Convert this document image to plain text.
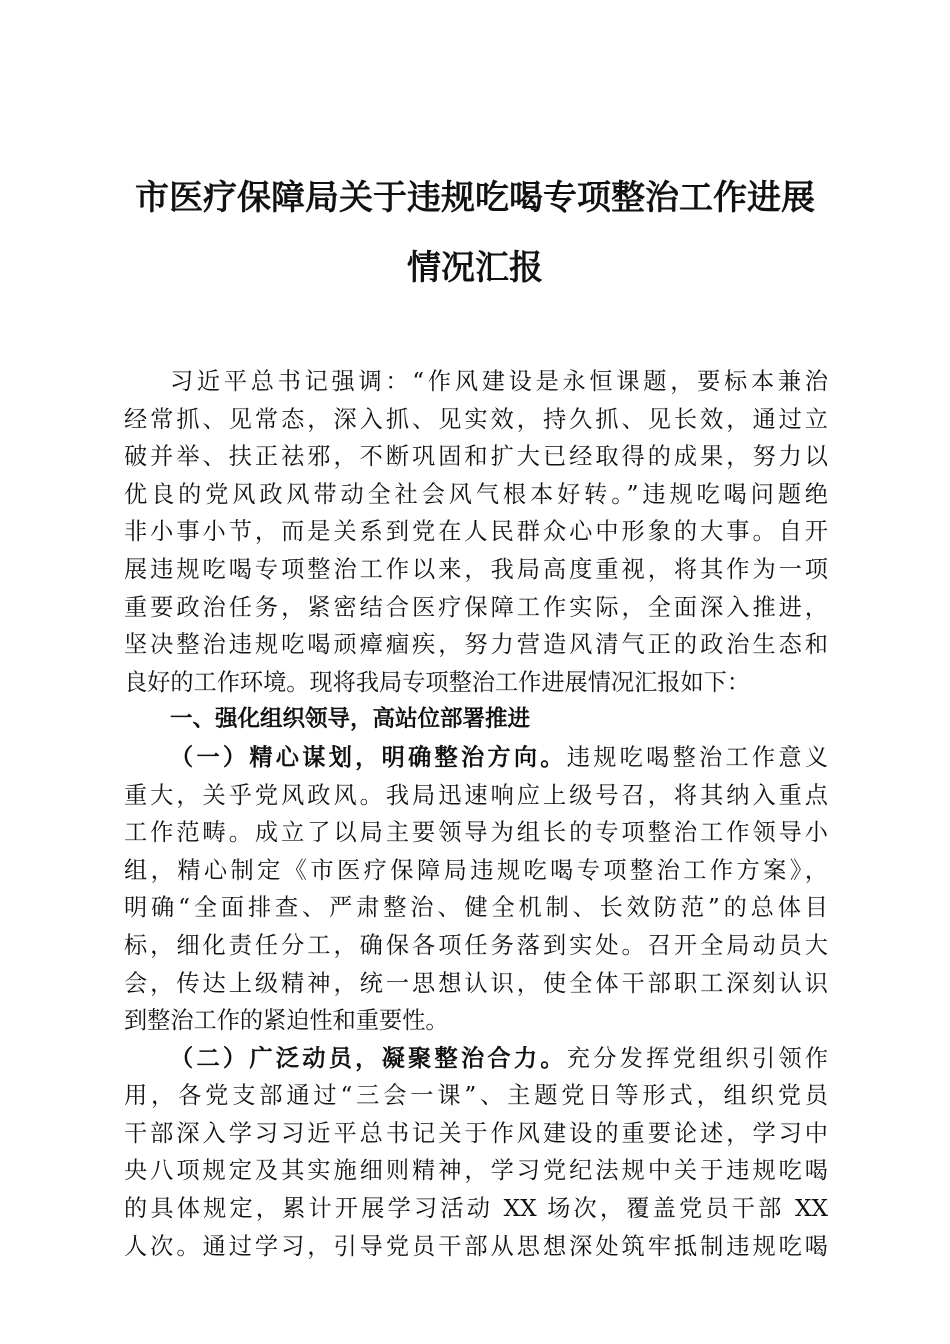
市医疗保障局关于违规吃喝专项整治工作进展
情况汇报
习近平总书记强调：“作风建设是永恒课题，要标本兼治
经常抓、见常态，深入抓、见实效，持久抓、见长效，通过立
破并举、扶正祛邪，不断巩固和扩大已经取得的成果，努力以
优良的党风政风带动全社会风气根本好转。”违规吃喝问题绝
非小事小节，而是关系到党在人民群众心中形象的大事。自开
展违规吃喝专项整治工作以来，我局高度重视，将其作为一项
重要政治任务，紧密结合医疗保障工作实际，全面深入推进，
坚决整治违规吃喝顽瘴痼疾，努力营造风清气正的政治生态和
良好的工作环境。现将我局专项整治工作进展情况汇报如下：
一、强化组织领导，高站位部署推进
（一）精心谋划，明确整治方向。违规吃喝整治工作意义
重大，关乎党风政风。我局迅速响应上级号召，将其纳入重点
工作范畴。成立了以局主要领导为组长的专项整治工作领导小
组，精心制定《市医疗保障局违规吃喝专项整治工作方案》，
明确“全面排查、严肃整治、健全机制、长效防范”的总体目
标，细化责任分工，确保各项任务落到实处。召开全局动员大
会，传达上级精神，统一思想认识，使全体干部职工深刻认识
到整治工作的紧迫性和重要性。
（二）广泛动员，凝聚整治合力。充分发挥党组织引领作
用，各党支部通过“三会一课”、主题党日等形式，组织党员
干部深入学习习近平总书记关于作风建设的重要论述，学习中
央八项规定及其实施细则精神，学习党纪法规中关于违规吃喝
的具体规定，累计开展学习活动 XX 场次，覆盖党员干部 XX
人次。通过学习，引导党员干部从思想深处筑牢抵制违规吃喝
